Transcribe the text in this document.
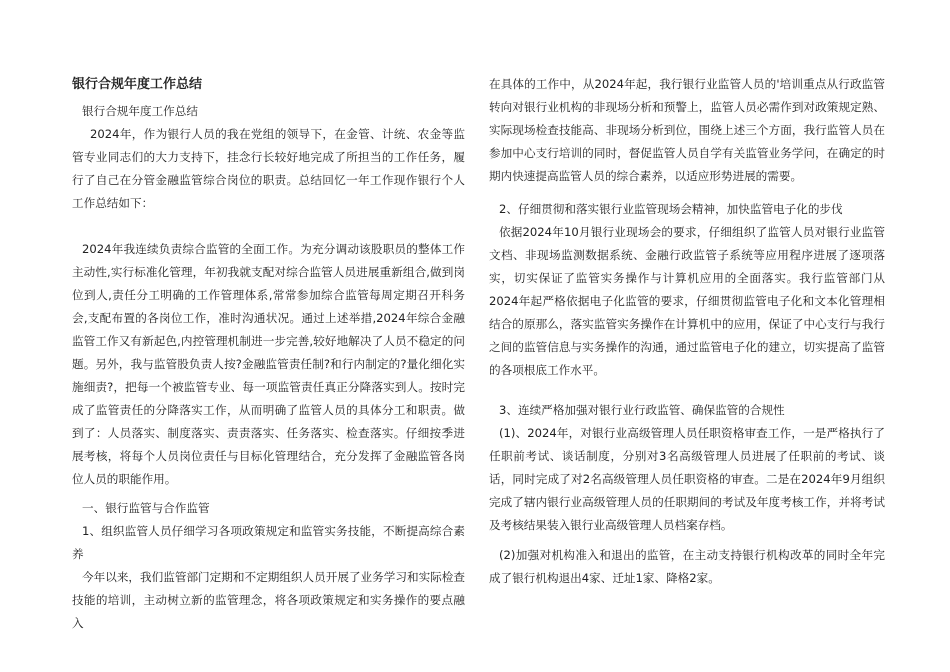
银行合规年度工作总结

银行合规年度工作总结

2024年，作为银行人员的我在党组的领导下，在金管、计统、农金等监管专业同志们的大力支持下，挂念行长较好地完成了所担当的工作任务，履行了自己在分管金融监管综合岗位的职责。总结回忆一年工作现作银行个人工作总结如下：

2024年我连续负责综合监管的全面工作。为充分调动该股职员的整体工作主动性,实行标准化管理，年初我就支配对综合监管人员进展重新组合,做到岗位到人,责任分工明确的工作管理体系,常常参加综合监管每周定期召开科务会,支配布置的各岗位工作，准时沟通状况。通过上述举措,2024年综合金融监管工作又有新起色,内控管理机制进一步完善,较好地解决了人员不稳定的问题。另外，我与监管股负责人按?金融监管责任制?和行内制定的?量化细化实施细责?，把每一个被监管专业、每一项监管责任真正分降落实到人。按时完成了监管责任的分降落实工作，从而明确了监管人员的具体分工和职责。做到了：人员落实、制度落实、责责落实、任务落实、检查落实。仔细按季进展考核，将每个人员岗位责任与目标化管理结合，充分发挥了金融监管各岗位人员的职能作用。

一、银行监管与合作监管

1、组织监管人员仔细学习各项政策规定和监管实务技能，不断提高综合素养

今年以来，我们监管部门定期和不定期组织人员开展了业务学习和实际检查技能的培训，主动树立新的监管理念，将各项政策规定和实务操作的要点融入

在具体的工作中，从2024年起，我行银行业监管人员的'培训重点从行政监管转向对银行业机构的非现场分析和预警上，监管人员必需作到对政策规定熟、实际现场检查技能高、非现场分析到位，围绕上述三个方面，我行监管人员在参加中心支行培训的同时，督促监管人员自学有关监管业务学问，在确定的时期内快速提高监管人员的综合素养，以适应形势进展的需要。

2、仔细贯彻和落实银行业监管现场会精神，加快监管电子化的步伐

依据2024年10月银行业现场会的要求，仔细组织了监管人员对银行业监管文档、非现场监测数据系统、金融行政监管子系统等应用程序进展了逐项落实，切实保证了监管实务操作与计算机应用的全面落实。我行监管部门从2024年起严格依据电子化监管的要求，仔细贯彻监管电子化和文本化管理相结合的原那么，落实监管实务操作在计算机中的应用，保证了中心支行与我行之间的监管信息与实务操作的沟通，通过监管电子化的建立，切实提高了监管的各项根底工作水平。

3、连续严格加强对银行业行政监管、确保监管的合规性

(1)、2024年，对银行业高级管理人员任职资格审查工作，一是严格执行了任职前考试、谈话制度，分别对3名高级管理人员进展了任职前的考试、谈话，同时完成了对2名高级管理人员任职资格的审查。二是在2024年9月组织完成了辖内银行业高级管理人员的任职期间的考试及年度考核工作，并将考试及考核结果装入银行业高级管理人员档案存档。

(2)加强对机构准入和退出的监管，在主动支持银行机构改革的同时全年完成了银行机构退出4家、迁址1家、降格2家。
